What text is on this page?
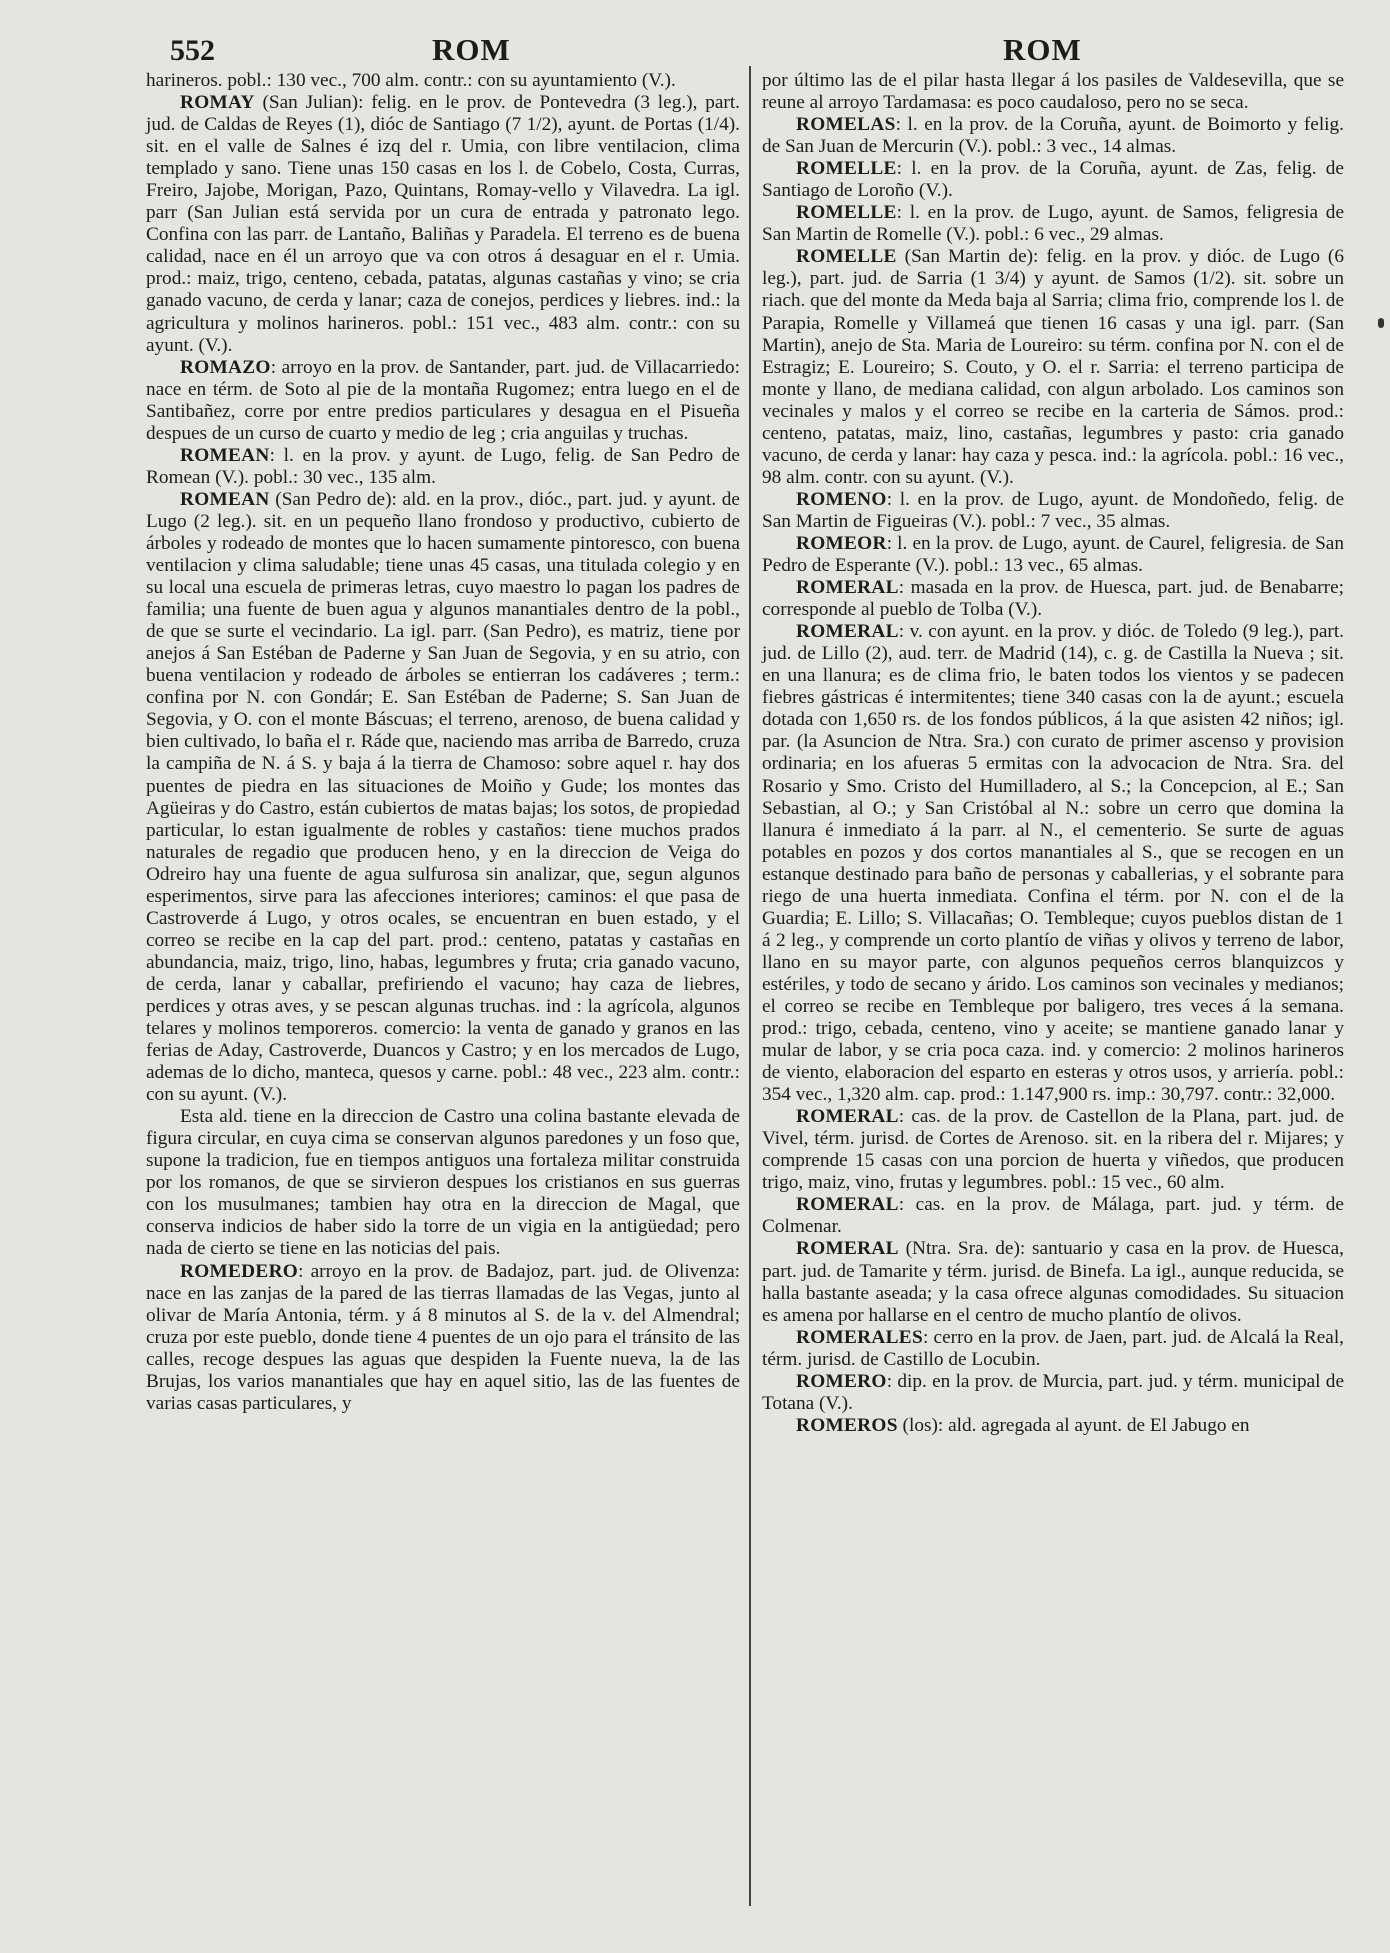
552	ROM	ROM

harineros. pobl.: 130 vec., 700 alm. contr.: con su ayuntamiento (V.).

ROMAY (San Julian): felig. en le prov. de Pontevedra (3 leg.), part. jud. de Caldas de Reyes (1), dióc de Santiago (7 1/2), ayunt. de Portas (1/4). sit. en el valle de Salnes é izq del r. Umia, con libre ventilacion, clima templado y sano. Tiene unas 150 casas en los l. de Cobelo, Costa, Curras, Freiro, Jajobe, Morigan, Pazo, Quintans, Romay-vello y Vilavedra. La igl. parr (San Julian está servida por un cura de entrada y patronato lego. Confina con las parr. de Lantaño, Baliñas y Paradela. El terreno es de buena calidad, nace en él un arroyo que va con otros á desaguar en el r. Umia. prod.: maiz, trigo, centeno, cebada, patatas, algunas castañas y vino; se cria ganado vacuno, de cerda y lanar; caza de conejos, perdices y liebres. ind.: la agricultura y molinos harineros. pobl.: 151 vec., 483 alm. contr.: con su ayunt. (V.).

ROMAZO: arroyo en la prov. de Santander, part. jud. de Villacarriedo: nace en térm. de Soto al pie de la montaña Rugomez; entra luego en el de Santibañez, corre por entre predios particulares y desagua en el Pisueña despues de un curso de cuarto y medio de leg ; cria anguilas y truchas.

ROMEAN: l. en la prov. y ayunt. de Lugo, felig. de San Pedro de Romean (V.). pobl.: 30 vec., 135 alm.

ROMEAN (San Pedro de): ald. en la prov., dióc., part. jud. y ayunt. de Lugo (2 leg.). sit. en un pequeño llano frondoso y productivo, cubierto de árboles y rodeado de montes que lo hacen sumamente pintoresco, con buena ventilacion y clima saludable; tiene unas 45 casas, una titulada colegio y en su local una escuela de primeras letras, cuyo maestro lo pagan los padres de familia; una fuente de buen agua y algunos manantiales dentro de la pobl., de que se surte el vecindario. La igl. parr. (San Pedro), es matriz, tiene por anejos á San Estéban de Paderne y San Juan de Segovia, y en su atrio, con buena ventilacion y rodeado de árboles se entierran los cadáveres ; term.: confina por N. con Gondár; E. San Estéban de Paderne; S. San Juan de Segovia, y O. con el monte Báscuas; el terreno, arenoso, de buena calidad y bien cultivado, lo baña el r. Ráde que, naciendo mas arriba de Barredo, cruza la campiña de N. á S. y baja á la tierra de Chamoso: sobre aquel r. hay dos puentes de piedra en las situaciones de Moiño y Gude; los montes das Agüeiras y do Castro, están cubiertos de matas bajas; los sotos, de propiedad particular, lo estan igualmente de robles y castaños: tiene muchos prados naturales de regadio que producen heno, y en la direccion de Veiga do Odreiro hay una fuente de agua sulfurosa sin analizar, que, segun algunos esperimentos, sirve para las afecciones interiores; caminos: el que pasa de Castroverde á Lugo, y otros ocales, se encuentran en buen estado, y el correo se recibe en la cap del part. prod.: centeno, patatas y castañas en abundancia, maiz, trigo, lino, habas, legumbres y fruta; cria ganado vacuno, de cerda, lanar y caballar, prefiriendo el vacuno; hay caza de liebres, perdices y otras aves, y se pescan algunas truchas. ind : la agrícola, algunos telares y molinos temporeros. comercio: la venta de ganado y granos en las ferias de Aday, Castroverde, Duancos y Castro; y en los mercados de Lugo, ademas de lo dicho, manteca, quesos y carne. pobl.: 48 vec., 223 alm. contr.: con su ayunt. (V.).

Esta ald. tiene en la direccion de Castro una colina bastante elevada de figura circular, en cuya cima se conservan algunos paredones y un foso que, supone la tradicion, fue en tiempos antiguos una fortaleza militar construida por los romanos, de que se sirvieron despues los cristianos en sus guerras con los musulmanes; tambien hay otra en la direccion de Magal, que conserva indicios de haber sido la torre de un vigia en la antigüedad; pero nada de cierto se tiene en las noticias del pais.

ROMEDERO: arroyo en la prov. de Badajoz, part. jud. de Olivenza: nace en las zanjas de la pared de las tierras llamadas de las Vegas, junto al olivar de María Antonia, térm. y á 8 minutos al S. de la v. del Almendral; cruza por este pueblo, donde tiene 4 puentes de un ojo para el tránsito de las calles, recoge despues las aguas que despiden la Fuente nueva, la de las Brujas, los varios manantiales que hay en aquel sitio, las de las fuentes de varias casas particulares, y

por último las de el pilar hasta llegar á los pasiles de Valdesevilla, que se reune al arroyo Tardamasa: es poco caudaloso, pero no se seca.

ROMELAS: l. en la prov. de la Coruña, ayunt. de Boimorto y felig. de San Juan de Mercurin (V.). pobl.: 3 vec., 14 almas.

ROMELLE: l. en la prov. de la Coruña, ayunt. de Zas, felig. de Santiago de Loroño (V.).

ROMELLE: l. en la prov. de Lugo, ayunt. de Samos, feligresia de San Martin de Romelle (V.). pobl.: 6 vec., 29 almas.

ROMELLE (San Martin de): felig. en la prov. y dióc. de Lugo (6 leg.), part. jud. de Sarria (1 3/4) y ayunt. de Samos (1/2). sit. sobre un riach. que del monte da Meda baja al Sarria; clima frio, comprende los l. de Parapia, Romelle y Villameá que tienen 16 casas y una igl. parr. (San Martin), anejo de Sta. Maria de Loureiro: su térm. confina por N. con el de Estragiz; E. Loureiro; S. Couto, y O. el r. Sarria: el terreno participa de monte y llano, de mediana calidad, con algun arbolado. Los caminos son vecinales y malos y el correo se recibe en la carteria de Sámos. prod.: centeno, patatas, maiz, lino, castañas, legumbres y pasto: cria ganado vacuno, de cerda y lanar: hay caza y pesca. ind.: la agrícola. pobl.: 16 vec., 98 alm. contr. con su ayunt. (V.).

ROMENO: l. en la prov. de Lugo, ayunt. de Mondoñedo, felig. de San Martin de Figueiras (V.). pobl.: 7 vec., 35 almas.

ROMEOR: l. en la prov. de Lugo, ayunt. de Caurel, feligresia. de San Pedro de Esperante (V.). pobl.: 13 vec., 65 almas.

ROMERAL: masada en la prov. de Huesca, part. jud. de Benabarre; corresponde al pueblo de Tolba (V.).

ROMERAL: v. con ayunt. en la prov. y dióc. de Toledo (9 leg.), part. jud. de Lillo (2), aud. terr. de Madrid (14), c. g. de Castilla la Nueva ; sit. en una llanura; es de clima frio, le baten todos los vientos y se padecen fiebres gástricas é intermitentes; tiene 340 casas con la de ayunt.; escuela dotada con 1,650 rs. de los fondos públicos, á la que asisten 42 niños; igl. par. (la Asuncion de Ntra. Sra.) con curato de primer ascenso y provision ordinaria; en los afueras 5 ermitas con la advocacion de Ntra. Sra. del Rosario y Smo. Cristo del Humilladero, al S.; la Concepcion, al E.; San Sebastian, al O.; y San Cristóbal al N.: sobre un cerro que domina la llanura é inmediato á la parr. al N., el cementerio. Se surte de aguas potables en pozos y dos cortos manantiales al S., que se recogen en un estanque destinado para baño de personas y caballerias, y el sobrante para riego de una huerta inmediata. Confina el térm. por N. con el de la Guardia; E. Lillo; S. Villacañas; O. Tembleque; cuyos pueblos distan de 1 á 2 leg., y comprende un corto plantío de viñas y olivos y terreno de labor, llano en su mayor parte, con algunos pequeños cerros blanquizcos y estériles, y todo de secano y árido. Los caminos son vecinales y medianos; el correo se recibe en Tembleque por baligero, tres veces á la semana. prod.: trigo, cebada, centeno, vino y aceite; se mantiene ganado lanar y mular de labor, y se cria poca caza. ind. y comercio: 2 molinos harineros de viento, elaboracion del esparto en esteras y otros usos, y arriería. pobl.: 354 vec., 1,320 alm. cap. prod.: 1.147,900 rs. imp.: 30,797. contr.: 32,000.

ROMERAL: cas. de la prov. de Castellon de la Plana, part. jud. de Vivel, térm. jurisd. de Cortes de Arenoso. sit. en la ribera del r. Mijares; y comprende 15 casas con una porcion de huerta y viñedos, que producen trigo, maiz, vino, frutas y legumbres. pobl.: 15 vec., 60 alm.

ROMERAL: cas. en la prov. de Málaga, part. jud. y térm. de Colmenar.

ROMERAL (Ntra. Sra. de): santuario y casa en la prov. de Huesca, part. jud. de Tamarite y térm. jurisd. de Binefa. La igl., aunque reducida, se halla bastante aseada; y la casa ofrece algunas comodidades. Su situacion es amena por hallarse en el centro de mucho plantío de olivos.

ROMERALES: cerro en la prov. de Jaen, part. jud. de Alcalá la Real, térm. jurisd. de Castillo de Locubin.

ROMERO: dip. en la prov. de Murcia, part. jud. y térm. municipal de Totana (V.).

ROMEROS (los): ald. agregada al ayunt. de El Jabugo en
